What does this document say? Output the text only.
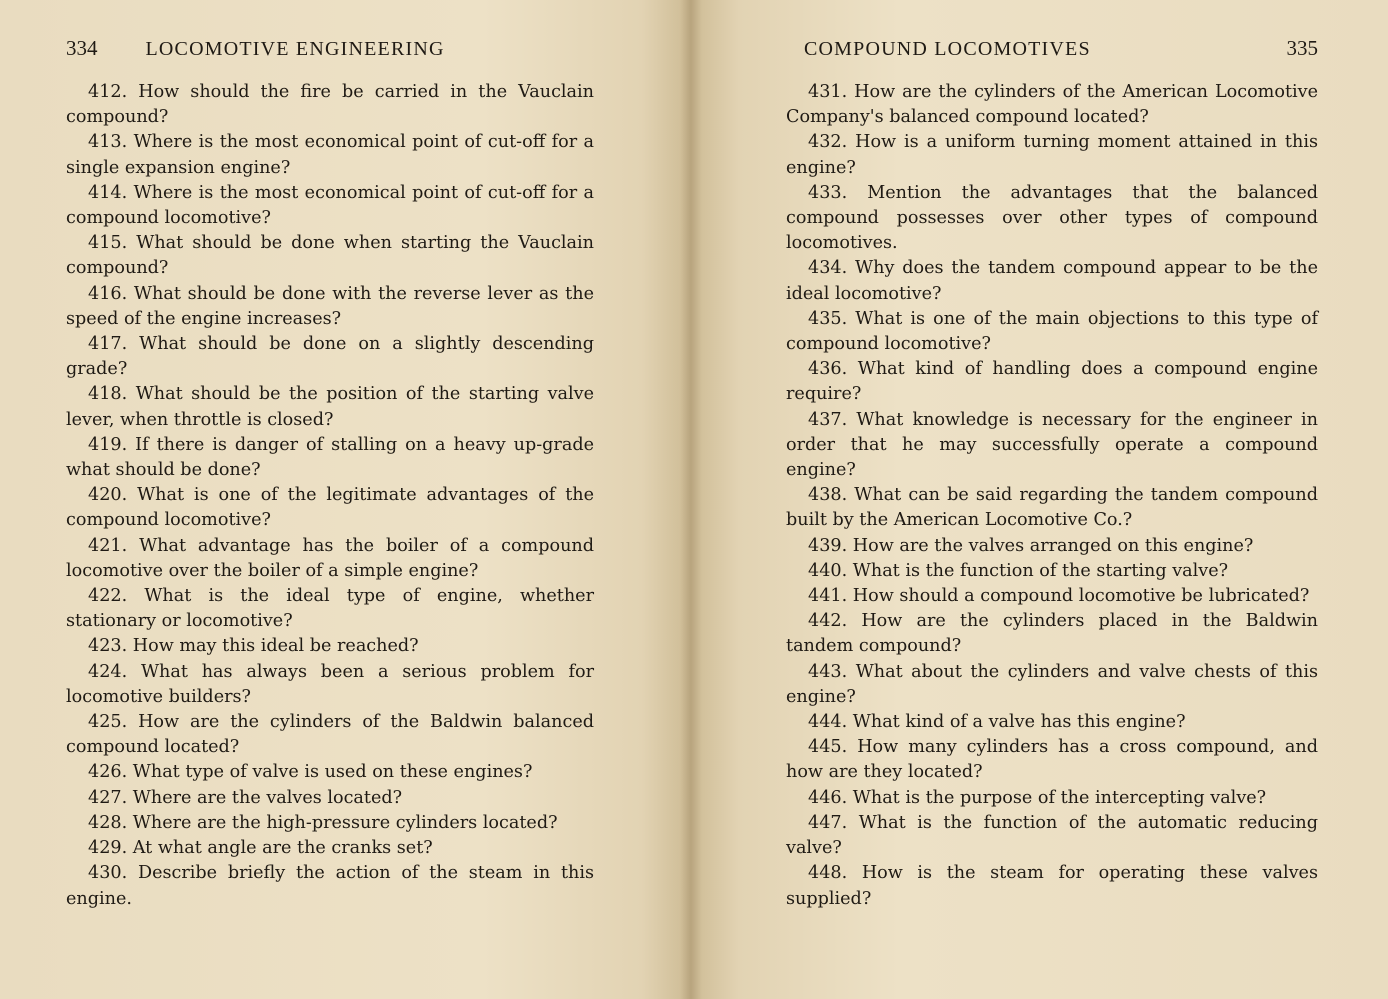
334 LOCOMOTIVE ENGINEERING

412. How should the fire be carried in the Vauclain compound?

413. Where is the most economical point of cut-off for a single expansion engine?

414. Where is the most economical point of cut-off for a compound locomotive?

415. What should be done when starting the Vauclain compound?

416. What should be done with the reverse lever as the speed of the engine increases?

417. What should be done on a slightly descending grade?

418. What should be the position of the starting valve lever, when throttle is closed?

419. If there is danger of stalling on a heavy up-grade what should be done?

420. What is one of the legitimate advantages of the compound locomotive?

421. What advantage has the boiler of a compound locomotive over the boiler of a simple engine?

422. What is the ideal type of engine, whether stationary or locomotive?

423. How may this ideal be reached?

424. What has always been a serious problem for locomotive builders?

425. How are the cylinders of the Baldwin balanced compound located?

426. What type of valve is used on these engines?

427. Where are the valves located?

428. Where are the high-pressure cylinders located?

429. At what angle are the cranks set?

430. Describe briefly the action of the steam in this engine.

COMPOUND LOCOMOTIVES	335

431. How are the cylinders of the American Locomotive Company's balanced compound located?

432. How is a uniform turning moment attained in this engine?

433. Mention the advantages that the balanced compound possesses over other types of compound locomotives.

434. Why does the tandem compound appear to be the ideal locomotive?

435. What is one of the main objections to this type of compound locomotive?

436. What kind of handling does a compound engine require?

437. What knowledge is necessary for the engineer in order that he may successfully operate a compound engine?

438. What can be said regarding the tandem compound built by the American Locomotive Co.?

439. How are the valves arranged on this engine?

440. What is the function of the starting valve?

441. How should a compound locomotive be lubricated?

442. How are the cylinders placed in the Baldwin tandem compound?

443. What about the cylinders and valve chests of this engine?

444. What kind of a valve has this engine?

445. How many cylinders has a cross compound, and how are they located?

446. What is the purpose of the intercepting valve?

447. What is the function of the automatic reducing valve?

448. How is the steam for operating these valves supplied?
